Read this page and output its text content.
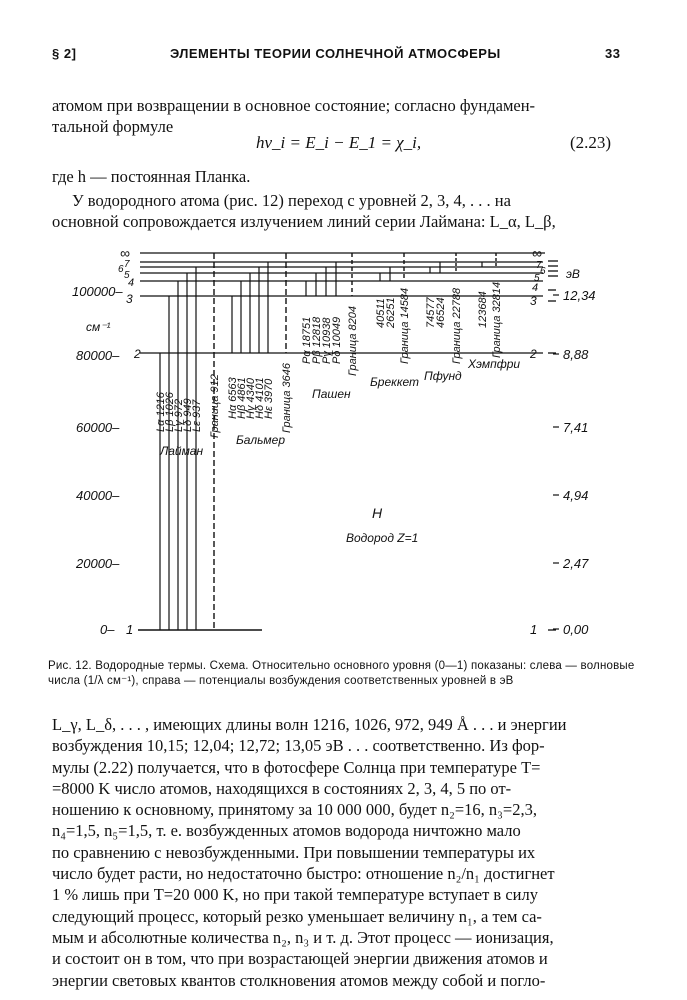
§ 2]	ЭЛЕМЕНТЫ ТЕОРИИ СОЛНЕЧНОЙ АТМОСФЕРЫ	33
атомом при возвращении в основное состояние; согласно фундамен-
тальной формуле
hν_i = E_i − E_1 = χ_i,	(2.23)
где h — постоянная Планка.
У водородного атома (рис. 12) переход с уровней 2, 3, 4, . . . на
основной сопровождается излучением линий серии Лаймана: L_α, L_β,
100000–
см⁻¹
80000–
60000–
40000–
20000–
0–
∞
7
6
5
4
3
2
1
Lα 1216
Lβ 1026
Lγ 972
Lδ 949
Lε 937 Граница 912
Лайман
Hα 6563
Hβ 4861
Hγ 4340
Hδ 4101
Hε 3970 Граница 3646
Бальмер
Pα 18751
Pβ 12818
Pγ 10938
Pδ 10049 Граница 8204
Пашен
40511
26251 Граница 14584
Бреккет
74577
46524 Граница 22788
Пфунд
123684 Граница 32814
Хэмпфри
H
Водород Z=1
∞
7
6
5
4
3
2
1
эВ
12,34
8,88
7,41
4,94
2,47
0,00
Рис. 12. Водородные термы. Схема. Относительно основного уровня (0—1) показаны: слева — волновые числа (1/λ см⁻¹), справа — потенциалы возбуждения соответственных уровней в эВ
L_γ, L_δ, . . . , имеющих длины волн 1216, 1026, 972, 949 Å . . . и энергии
возбуждения 10,15; 12,04; 12,72; 13,05 эВ . . . соответственно. Из фор-
мулы (2.22) получается, что в фотосфере Солнца при температуре T=
=8000 K число атомов, находящихся в состояниях 2, 3, 4, 5 по от-
ношению к основному, принятому за 10 000 000, будет n₂=16, n₃=2,3,
n₄=1,5, n₅=1,5, т. е. возбужденных атомов водорода ничтожно мало
по сравнению с невозбужденными. При повышении температуры их
число будет расти, но недостаточно быстро: отношение n₂/n₁ достигнет
1 % лишь при T=20 000 K, но при такой температуре вступает в силу
следующий процесс, который резко уменьшает величину n₁, а тем са-
мым и абсолютные количества n₂, n₃ и т. д. Этот процесс — ионизация,
и состоит он в том, что при возрастающей энергии движения атомов и
энергии световых квантов столкновения атомов между собой и погло-
